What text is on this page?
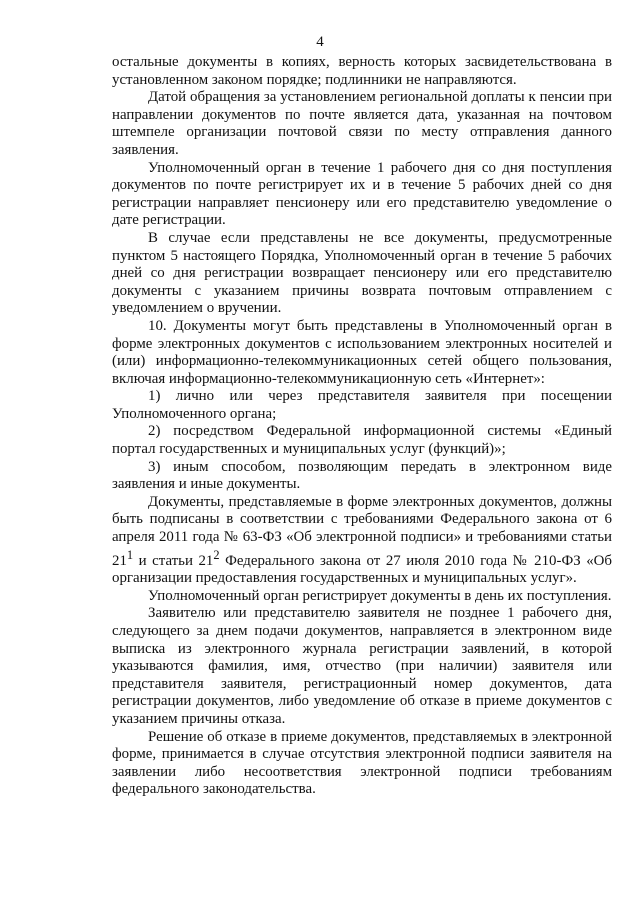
4

остальные документы в копиях, верность которых засвидетельствована в установленном законом порядке; подлинники не направляются.

Датой обращения за установлением региональной доплаты к пенсии при направлении документов по почте является дата, указанная на почтовом штемпеле организации почтовой связи по месту отправления данного заявления.

Уполномоченный орган в течение 1 рабочего дня со дня поступления документов по почте регистрирует их и в течение 5 рабочих дней со дня регистрации направляет пенсионеру или его представителю уведомление о дате регистрации.

В случае если представлены не все документы, предусмотренные пунктом 5 настоящего Порядка, Уполномоченный орган в течение 5 рабочих дней со дня регистрации возвращает пенсионеру или его представителю документы с указанием причины возврата почтовым отправлением с уведомлением о вручении.

10. Документы могут быть представлены в Уполномоченный орган в форме электронных документов с использованием электронных носителей и (или) информационно-телекоммуникационных сетей общего пользования, включая информационно-телекоммуникационную сеть «Интернет»:

1) лично или через представителя заявителя при посещении Уполномоченного органа;

2) посредством Федеральной информационной системы «Единый портал государственных и муниципальных услуг (функций)»;

3) иным способом, позволяющим передать в электронном виде заявления и иные документы.

Документы, представляемые в форме электронных документов, должны быть подписаны в соответствии с требованиями Федерального закона от 6 апреля 2011 года № 63-ФЗ «Об электронной подписи» и требованиями статьи $21^1$ и статьи $21^2$ Федерального закона от 27 июля 2010 года № 210-ФЗ «Об организации предоставления государственных и муниципальных услуг».

Уполномоченный орган регистрирует документы в день их поступления.

Заявителю или представителю заявителя не позднее 1 рабочего дня, следующего за днем подачи документов, направляется в электронном виде выписка из электронного журнала регистрации заявлений, в которой указываются фамилия, имя, отчество (при наличии) заявителя или представителя заявителя, регистрационный номер документов, дата регистрации документов, либо уведомление об отказе в приеме документов с указанием причины отказа.

Решение об отказе в приеме документов, представляемых в электронной форме, принимается в случае отсутствия электронной подписи заявителя на заявлении либо несоответствия электронной подписи требованиям федерального законодательства.
